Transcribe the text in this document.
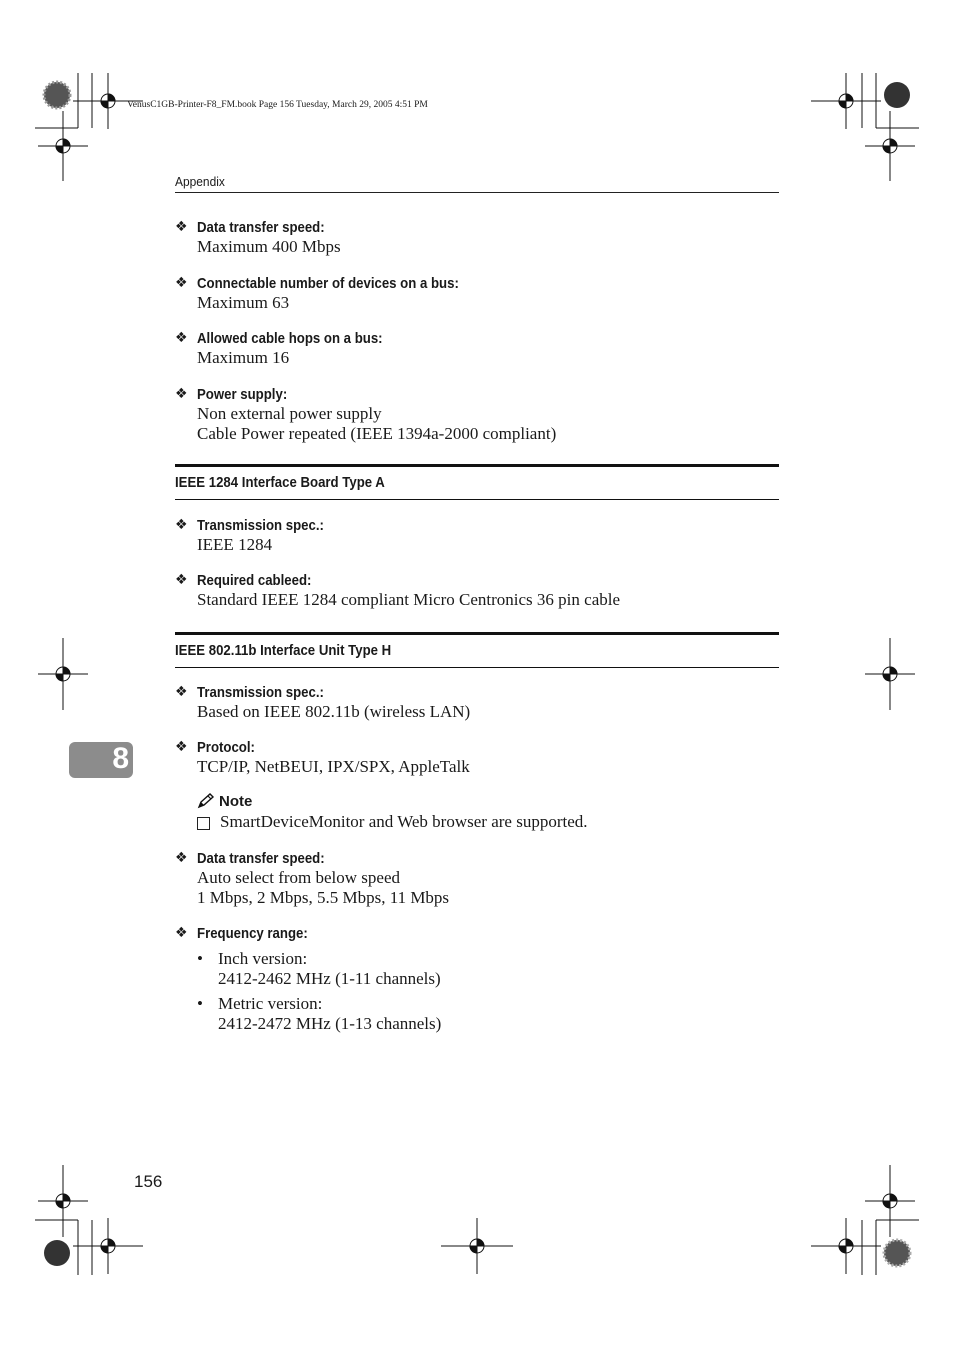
VenusC1GB-Printer-F8_FM.book Page 156 Tuesday, March 29, 2005 4:51 PM
Appendix
❖ Data transfer speed:
Maximum 400 Mbps
❖ Connectable number of devices on a bus:
Maximum 63
❖ Allowed cable hops on a bus:
Maximum 16
❖ Power supply:
Non external power supply
Cable Power repeated (IEEE 1394a-2000 compliant)
IEEE 1284 Interface Board Type A
❖ Transmission spec.:
IEEE 1284
❖ Required cableed:
Standard IEEE 1284 compliant Micro Centronics 36 pin cable
IEEE 802.11b Interface Unit Type H
❖ Transmission spec.:
Based on IEEE 802.11b (wireless LAN)
❖ Protocol:
TCP/IP, NetBEUI, IPX/SPX, AppleTalk
Note
SmartDeviceMonitor and Web browser are supported.
❖ Data transfer speed:
Auto select from below speed
1 Mbps, 2 Mbps, 5.5 Mbps, 11 Mbps
❖ Frequency range:
• Inch version:
2412-2462 MHz (1-11 channels)
• Metric version:
2412-2472 MHz (1-13 channels)
8
156
